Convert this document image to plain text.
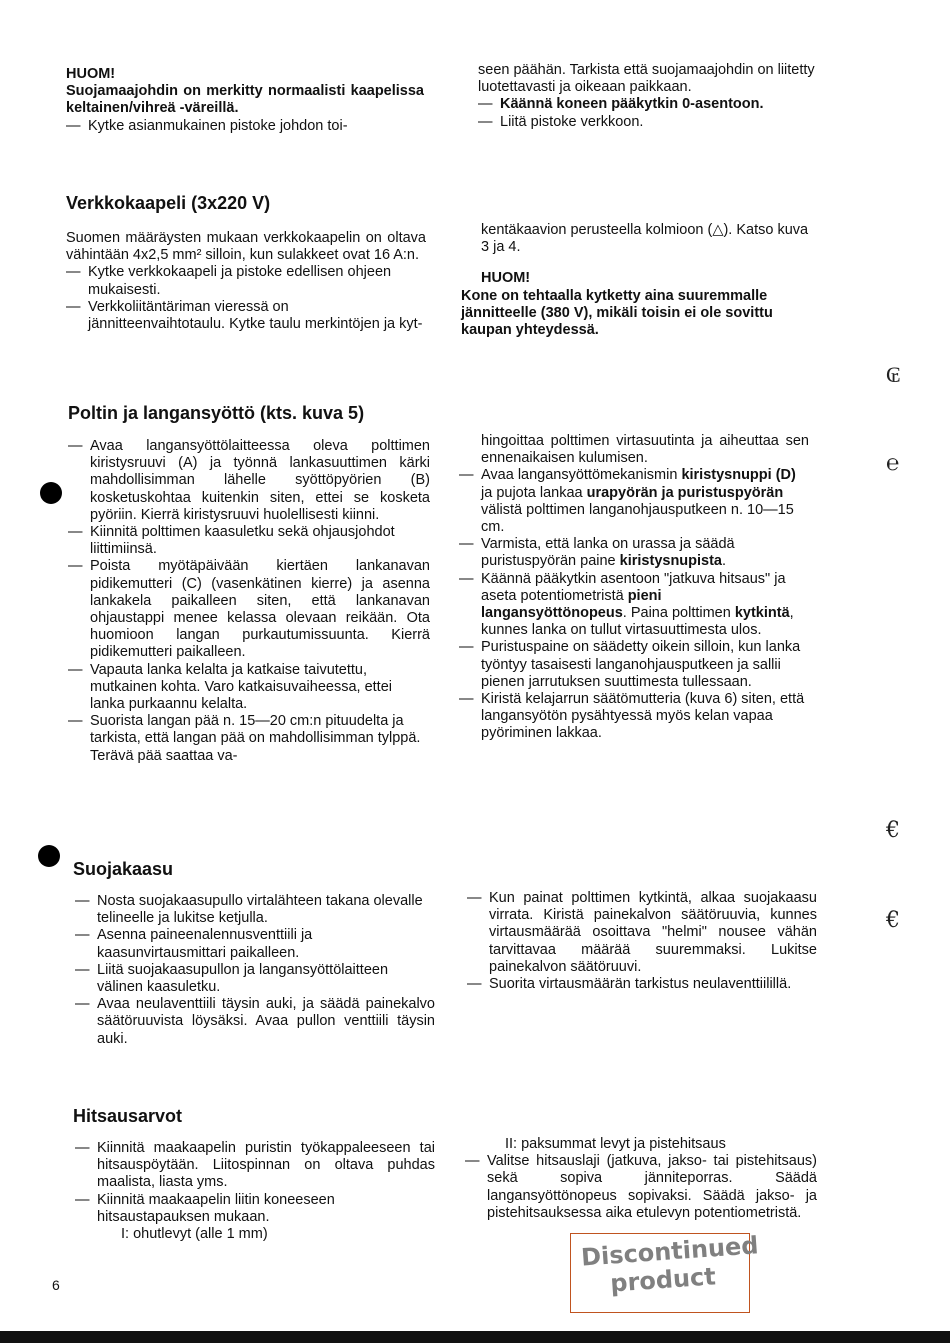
HUOM!

Suojamaajohdin on merkitty normaalisti kaapelissa keltainen/vihreä -väreillä.

— Kytke asianmukainen pistoke johdon toi-

seen päähän. Tarkista että suojamaajohdin on liitetty luotettavasti ja oikeaan paikkaan.

— Käännä koneen pääkytkin 0-asentoon.
— Liitä pistoke verkkoon.
Verkkokaapeli (3x220 V)

Suomen määräysten mukaan verkkokaapelin on oltava vähintään 4x2,5 mm² silloin, kun sulakkeet ovat 16 A:n.

— Kytke verkkokaapeli ja pistoke edellisen ohjeen mukaisesti.
— Verkkoliitäntäriman vieressä on jännitteenvaihtotaulu. Kytke taulu merkintöjen ja kyt-

kentäkaavion perusteella kolmioon (△). Katso kuva 3 ja 4.

HUOM!

Kone on tehtaalla kytketty aina suuremmalle jännitteelle (380 V), mikäli toisin ei ole sovittu kaupan yhteydessä.

Poltin ja langansyöttö (kts. kuva 5)
— Avaa langansyöttölaitteessa oleva polttimen kiristysruuvi (A) ja työnnä lankasuuttimen kärki mahdollisimman lähelle syöttöpyörien (B) kosketuskohtaa kuitenkin siten, ettei se kosketa pyöriin. Kierrä kiristysruuvi huolellisesti kiinni.
— Kiinnitä polttimen kaasuletku sekä ohjausjohdot liittimiinsä.
— Poista myötäpäivään kiertäen lankanavan pidikemutteri (C) (vasenkätinen kierre) ja asenna lankakela paikalleen siten, että lankanavan ohjaustappi menee kelassa olevaan reikään. Ota huomioon langan purkautumissuunta. Kierrä pidikemutteri paikalleen.
— Vapauta lanka kelalta ja katkaise taivutettu, mutkainen kohta. Varo katkaisuvaiheessa, ettei lanka purkaannu kelalta.
— Suorista langan pää n. 15—20 cm:n pituudelta ja tarkista, että langan pää on mahdollisimman tylppä. Terävä pää saattaa va-

hingoittaa polttimen virtasuutinta ja aiheuttaa sen ennenaikaisen kulumisen.

— Avaa langansyöttömekanismin kiristysnuppi (D) ja pujota lankaa urapyörän ja puristuspyörän välistä polttimen langanohjausputkeen n. 10—15 cm.
— Varmista, että lanka on urassa ja säädä puristuspyörän paine kiristysnupista.
— Käännä pääkytkin asentoon "jatkuva hitsaus" ja aseta potentiometristä pieni langansyöttönopeus. Paina polttimen kytkintä, kunnes lanka on tullut virtasuuttimesta ulos.
— Puristuspaine on säädetty oikein silloin, kun lanka työntyy tasaisesti langanohjausputkeen ja sallii pienen jarrutuksen suuttimesta tullessaan.
— Kiristä kelajarrun säätömutteria (kuva 6) siten, että langansyötön pysähtyessä myös kelan vapaa pyöriminen lakkaa.
Suojakaasu
— Nosta suojakaasupullo virtalähteen takana olevalle telineelle ja lukitse ketjulla.
— Asenna paineenalennusventtiili ja kaasunvirtausmittari paikalleen.
— Liitä suojakaasupullon ja langansyöttölaitteen välinen kaasuletku.
— Avaa neulaventtiili täysin auki, ja säädä painekalvo säätöruuvista löysäksi. Avaa pullon venttiili täysin auki.
— Kun painat polttimen kytkintä, alkaa suojakaasu virrata. Kiristä painekalvon säätöruuvia, kunnes virtausmäärää osoittava "helmi" nousee vähän tarvittavaa määrää suuremmaksi. Lukitse painekalvon säätöruuvi.
— Suorita virtausmäärän tarkistus neulaventtiilillä.
Hitsausarvot
— Kiinnitä maakaapelin puristin työkappaleeseen tai hitsauspöytään. Liitospinnan on oltava puhdas maalista, liasta yms.
— Kiinnitä maakaapelin liitin koneeseen hitsaustapauksen mukaan.

I: ohutlevyt (alle 1 mm)

II: paksummat levyt ja pistehitsaus

— Valitse hitsauslaji (jatkuva, jakso- tai pistehitsaus) sekä sopiva jänniteporras. Säädä langansyöttönopeus sopivaksi. Säädä jakso- ja pistehitsauksessa aika etulevyn potentiometristä.
₢
℮
€
€
6
Discontinued
product
